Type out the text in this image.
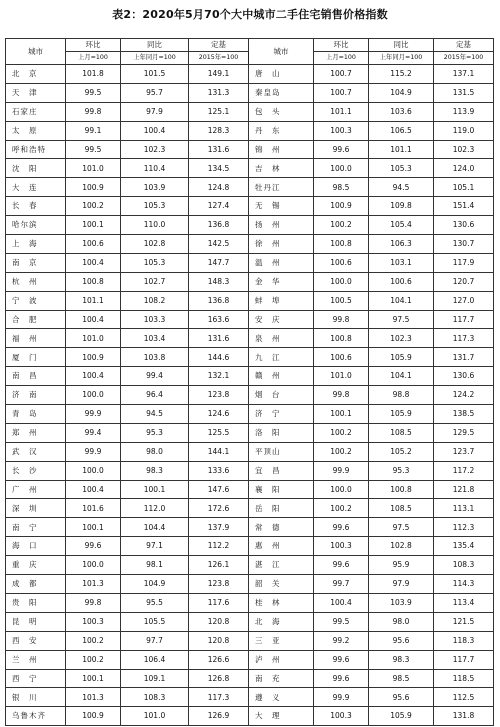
表2：2020年5月70个大中城市二手住宅销售价格指数
城市	环比	同比	定基	城市	环比	同比	定基
	上月=100	上年同月=100	2015年=100		上月=100	上年同月=100	2015年=100
北　京	101.8	101.5	149.1	唐　山	100.7	115.2	137.1
天　津	99.5	95.7	131.3	秦皇岛	100.7	104.9	131.5
石家庄	99.8	97.9	125.1	包　头	101.1	103.6	113.9
太　原	99.1	100.4	128.3	丹　东	100.3	106.5	119.0
呼和浩特	99.5	102.3	131.6	锦　州	99.6	101.1	102.3
沈　阳	101.0	110.4	134.5	吉　林	100.0	105.3	124.0
大　连	100.9	103.9	124.8	牡丹江	98.5	94.5	105.1
长　春	100.2	105.3	127.4	无　锡	100.9	109.8	151.4
哈尔滨	100.1	110.0	136.8	扬　州	100.2	105.4	130.6
上　海	100.6	102.8	142.5	徐　州	100.8	106.3	130.7
南　京	100.4	105.3	147.7	温　州	100.6	103.1	117.9
杭　州	100.8	102.7	148.3	金　华	100.0	100.6	120.7
宁　波	101.1	108.2	136.8	蚌　埠	100.5	104.1	127.0
合　肥	100.4	103.3	163.6	安　庆	99.8	97.5	117.7
福　州	101.0	103.4	131.6	泉　州	100.8	102.3	117.3
厦　门	100.9	103.8	144.6	九　江	100.6	105.9	131.7
南　昌	100.4	99.4	132.1	赣　州	101.0	104.1	130.6
济　南	100.0	96.4	123.8	烟　台	99.8	98.8	124.2
青　岛	99.9	94.5	124.6	济　宁	100.1	105.9	138.5
郑　州	99.4	95.3	125.5	洛　阳	100.2	108.5	129.5
武　汉	99.9	98.0	144.1	平顶山	100.2	105.2	123.7
长　沙	100.0	98.3	133.6	宜　昌	99.9	95.3	117.2
广　州	100.4	100.1	147.6	襄　阳	100.0	100.8	121.8
深　圳	101.6	112.0	172.6	岳　阳	100.2	108.5	113.1
南　宁	100.1	104.4	137.9	常　德	99.6	97.5	112.3
海　口	99.6	97.1	112.2	惠　州	100.3	102.8	135.4
重　庆	100.0	98.1	126.1	湛　江	99.6	95.9	108.3
成　都	101.3	104.9	123.8	韶　关	99.7	97.9	114.3
贵　阳	99.8	95.5	117.6	桂　林	100.4	103.9	113.4
昆　明	100.3	105.5	120.8	北　海	99.5	98.0	121.5
西　安	100.2	97.7	120.8	三　亚	99.2	95.6	118.3
兰　州	100.2	106.4	126.6	泸　州	99.6	98.3	117.7
西　宁	100.1	109.1	126.8	南　充	99.6	98.5	118.5
银　川	101.3	108.3	117.3	遵　义	99.9	95.6	112.5
乌鲁木齐	100.9	101.0	126.9	大　理	100.3	105.9	131.8
